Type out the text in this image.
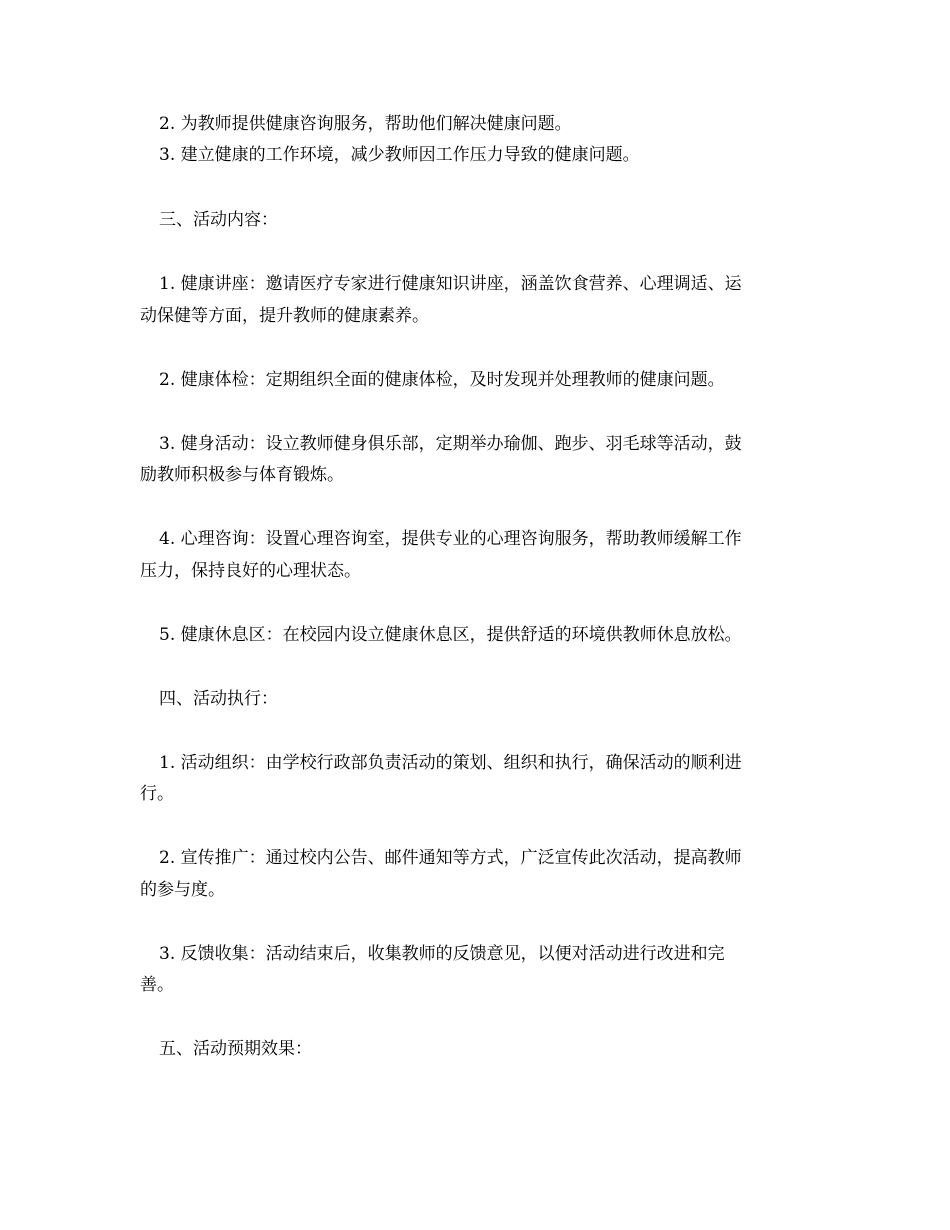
2. 为教师提供健康咨询服务，帮助他们解决健康问题。
3. 建立健康的工作环境，减少教师因工作压力导致的健康问题。
三、活动内容：
1. 健康讲座：邀请医疗专家进行健康知识讲座，涵盖饮食营养、心理调适、运
动保健等方面，提升教师的健康素养。
2. 健康体检：定期组织全面的健康体检，及时发现并处理教师的健康问题。
3. 健身活动：设立教师健身俱乐部，定期举办瑜伽、跑步、羽毛球等活动，鼓
励教师积极参与体育锻炼。
4. 心理咨询：设置心理咨询室，提供专业的心理咨询服务，帮助教师缓解工作
压力，保持良好的心理状态。
5. 健康休息区：在校园内设立健康休息区，提供舒适的环境供教师休息放松。
四、活动执行：
1. 活动组织：由学校行政部负责活动的策划、组织和执行，确保活动的顺利进
行。
2. 宣传推广：通过校内公告、邮件通知等方式，广泛宣传此次活动，提高教师
的参与度。
3. 反馈收集：活动结束后，收集教师的反馈意见，以便对活动进行改进和完
善。
五、活动预期效果：
